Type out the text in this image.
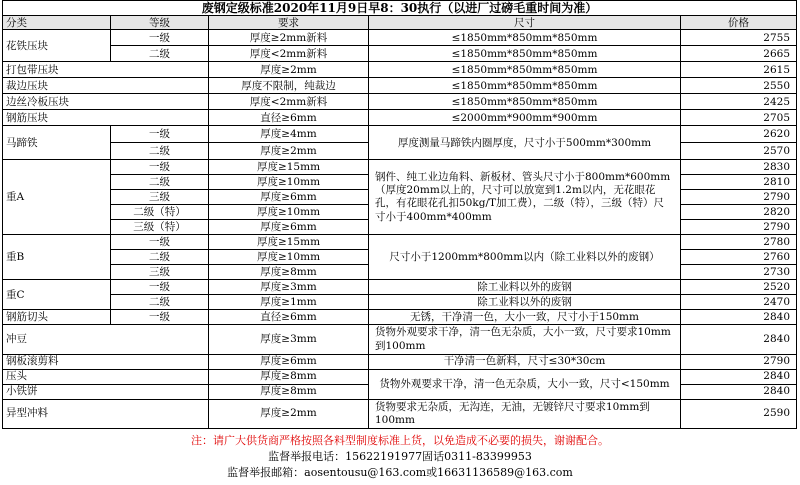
废钢定级标准2020年11月9日早8：30执行（以进厂过磅毛重时间为准）				
分类	等级	要求	尺寸	价格
花铁压块	一级	厚度≥2mm新料	≤1850mm*850mm*850mm	2755
	二级	厚度<2mm新料	≤1850mm*850mm*850mm	2665
打包带压块		厚度≥2mm	≤1850mm*850mm*850mm	2615
裁边压块		厚度不限制，纯裁边	≤1850mm*850mm*850mm	2550
边丝冷板压块		厚度<2mm新料	≤1850mm*850mm*850mm	2425
钢筋压块		直径≥6mm	≤2000mm*900mm*900mm	2705
马蹄铁	一级	厚度≥4mm	厚度测量马蹄铁内圈厚度，尺寸小于500mm*300mm	2620
	二级	厚度≥2mm		2570
重A	一级	厚度≥15mm	钢件、纯工业边角料、新板材、管头尺寸小于800mm*600mm（厚度20mm以上的，尺寸可以放宽到1.2m以内，无花眼花孔，有花眼花孔扣50kg/T加工费），二级（特），三级（特）尺寸小于400mm*400mm	2830
	二级	厚度≥10mm		2810
	三级	厚度≥6mm		2790
	二级（特）	厚度≥10mm		2820
	三级（特）	厚度≥6mm		2790
重B	一级	厚度≥15mm	尺寸小于1200mm*800mm以内（除工业料以外的废钢）	2780
	二级	厚度≥10mm		2760
	三级	厚度≥8mm		2730
重C	一级	厚度≥3mm	除工业料以外的废钢	2520
	二级	厚度≥1mm	除工业料以外的废钢	2470
钢筋切头	一级	直径≥6mm	无锈，干净清一色，大小一致，尺寸小于150mm	2840
冲豆		厚度≥3mm	货物外观要求干净，清一色无杂质，大小一致，尺寸要求10mm到100mm	2840
钢板滚剪料		厚度≥6mm	干净清一色新料，尺寸≤30*30cm	2790
压头		厚度≥8mm	货物外观要求干净，清一色无杂质，大小一致，尺寸<150mm	2840
小铁饼		厚度≥8mm		2840
异型冲料		厚度≥2mm	货物要求无杂质，无沟连，无油，无镀锌尺寸要求10mm到100mm	2590
注：请广大供货商严格按照各料型制度标准上货，以免造成不必要的损失，谢谢配合。
监督举报电话：15622191977固话0311-83399953
监督举报邮箱：aosentousu@163.com或16631136589@163.com
